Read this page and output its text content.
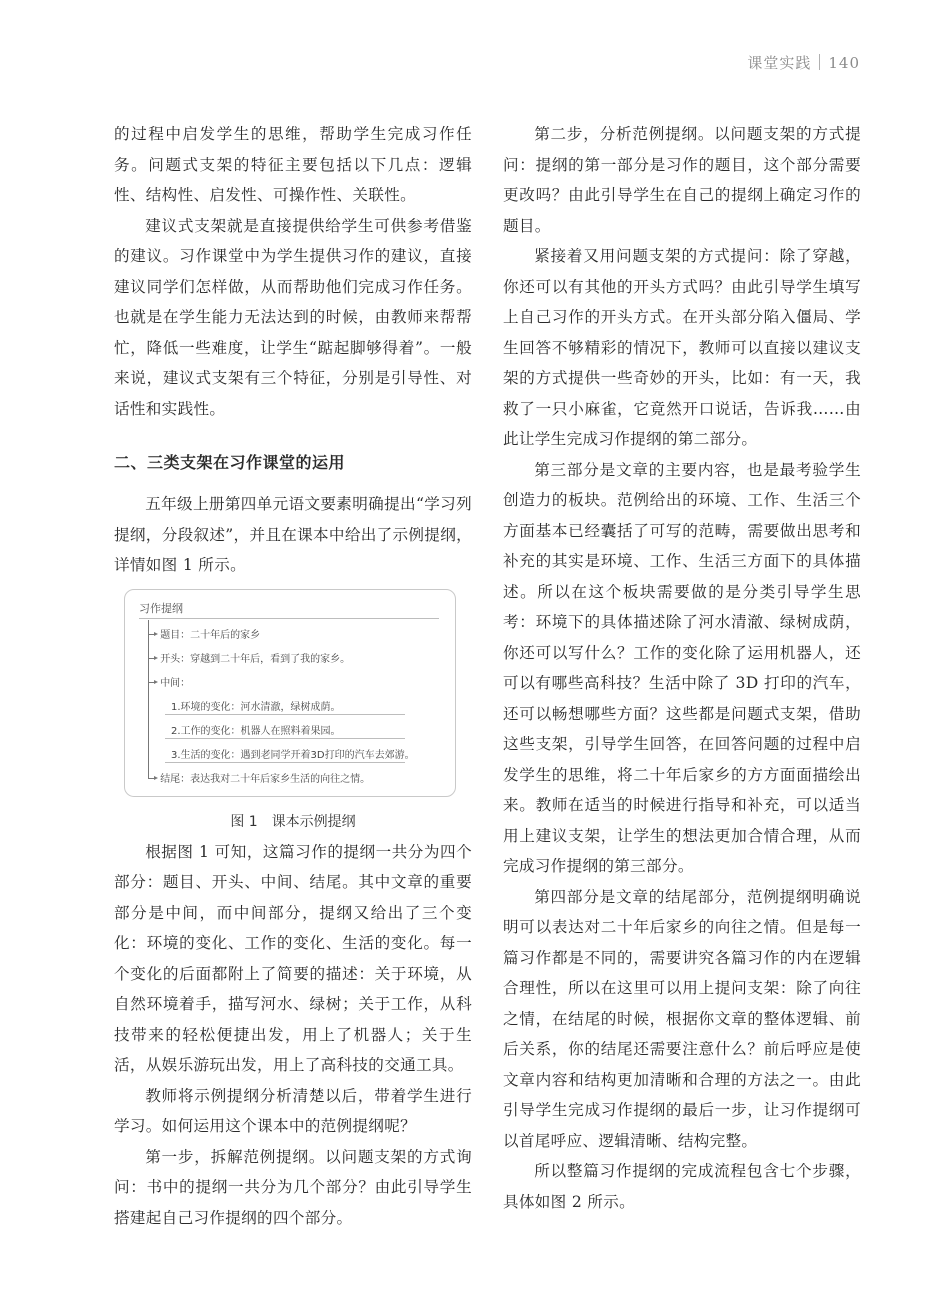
课堂实践 140

的过程中启发学生的思维，帮助学生完成习作任务。问题式支架的特征主要包括以下几点：逻辑性、结构性、启发性、可操作性、关联性。

建议式支架就是直接提供给学生可供参考借鉴的建议。习作课堂中为学生提供习作的建议，直接建议同学们怎样做，从而帮助他们完成习作任务。也就是在学生能力无法达到的时候，由教师来帮帮忙，降低一些难度，让学生“踮起脚够得着”。一般来说，建议式支架有三个特征，分别是引导性、对话性和实践性。

二、三类支架在习作课堂的运用

五年级上册第四单元语文要素明确提出“学习列提纲，分段叙述”，并且在课本中给出了示例提纲，详情如图 1 所示。

习作提纲
题目：二十年后的家乡
开头：穿越到二十年后，看到了我的家乡。
中间：
1.环境的变化：河水清澈，绿树成荫。
2.工作的变化：机器人在照料着果园。
3.生活的变化：遇到老同学开着3D打印的汽车去郊游。
结尾：表达我对二十年后家乡生活的向往之情。
图 1　课本示例提纲

根据图 1 可知，这篇习作的提纲一共分为四个部分：题目、开头、中间、结尾。其中文章的重要部分是中间，而中间部分，提纲又给出了三个变化：环境的变化、工作的变化、生活的变化。每一个变化的后面都附上了简要的描述：关于环境，从自然环境着手，描写河水、绿树；关于工作，从科技带来的轻松便捷出发，用上了机器人；关于生活，从娱乐游玩出发，用上了高科技的交通工具。

教师将示例提纲分析清楚以后，带着学生进行学习。如何运用这个课本中的范例提纲呢？

第一步，拆解范例提纲。以问题支架的方式询问：书中的提纲一共分为几个部分？由此引导学生搭建起自己习作提纲的四个部分。

第二步，分析范例提纲。以问题支架的方式提问：提纲的第一部分是习作的题目，这个部分需要更改吗？由此引导学生在自己的提纲上确定习作的题目。

紧接着又用问题支架的方式提问：除了穿越，你还可以有其他的开头方式吗？由此引导学生填写上自己习作的开头方式。在开头部分陷入僵局、学生回答不够精彩的情况下，教师可以直接以建议支架的方式提供一些奇妙的开头，比如：有一天，我救了一只小麻雀，它竟然开口说话，告诉我……由此让学生完成习作提纲的第二部分。

第三部分是文章的主要内容，也是最考验学生创造力的板块。范例给出的环境、工作、生活三个方面基本已经囊括了可写的范畴，需要做出思考和补充的其实是环境、工作、生活三方面下的具体描述。所以在这个板块需要做的是分类引导学生思考：环境下的具体描述除了河水清澈、绿树成荫，你还可以写什么？工作的变化除了运用机器人，还可以有哪些高科技？生活中除了 3D 打印的汽车，还可以畅想哪些方面？这些都是问题式支架，借助这些支架，引导学生回答，在回答问题的过程中启发学生的思维，将二十年后家乡的方方面面描绘出来。教师在适当的时候进行指导和补充，可以适当用上建议支架，让学生的想法更加合情合理，从而完成习作提纲的第三部分。

第四部分是文章的结尾部分，范例提纲明确说明可以表达对二十年后家乡的向往之情。但是每一篇习作都是不同的，需要讲究各篇习作的内在逻辑合理性，所以在这里可以用上提问支架：除了向往之情，在结尾的时候，根据你文章的整体逻辑、前后关系，你的结尾还需要注意什么？前后呼应是使文章内容和结构更加清晰和合理的方法之一。由此引导学生完成习作提纲的最后一步，让习作提纲可以首尾呼应、逻辑清晰、结构完整。

所以整篇习作提纲的完成流程包含七个步骤，具体如图 2 所示。
